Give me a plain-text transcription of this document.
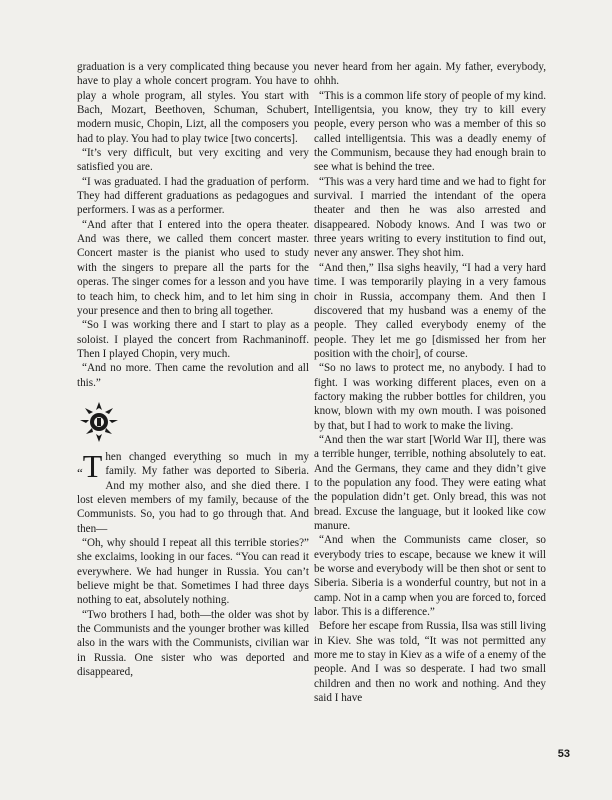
graduation is a very complicated thing because you have to play a whole concert program. You have to play a whole program, all styles. You start with Bach, Mozart, Beethoven, Schuman, Schubert, modern music, Chopin, Lizt, all the composers you had to play. You had to play twice [two concerts].

“It’s very difficult, but very exciting and very satisfied you are.

“I was graduated. I had the graduation of perform. They had different graduations as pedagogues and performers. I was as a performer.

“And after that I entered into the opera theater. And was there, we called them concert master. Concert master is the pianist who used to study with the singers to prepare all the parts for the operas. The singer comes for a lesson and you have to teach him, to check him, and to let him sing in your presence and then to bring all together.

“So I was working there and I start to play as a soloist. I played the concert from Rachmaninoff. Then I played Chopin, very much.

“And no more. Then came the revolution and all this.”

“T hen changed everything so much in my family. My father was deported to Siberia. And my mother also, and she died there. I lost eleven members of my family, because of the Communists. So, you had to go through that. And then—

“Oh, why should I repeat all this terrible stories?” she exclaims, looking in our faces. “You can read it everywhere. We had hunger in Russia. You can’t believe might be that. Sometimes I had three days nothing to eat, absolutely nothing.

“Two brothers I had, both—the older was shot by the Communists and the younger brother was killed also in the wars with the Communists, civilian war in Russia. One sister who was deported and disappeared,

never heard from her again. My father, everybody, ohhh.

“This is a common life story of people of my kind. Intelligentsia, you know, they try to kill every people, every person who was a member of this so called intelligentsia. This was a deadly enemy of the Communism, because they had enough brain to see what is behind the tree.

“This was a very hard time and we had to fight for survival. I married the intendant of the opera theater and then he was also arrested and disappeared. Nobody knows. And I was two or three years writing to every institution to find out, never any answer. They shot him.

“And then,” Ilsa sighs heavily, “I had a very hard time. I was temporarily playing in a very famous choir in Russia, accompany them. And then I discovered that my husband was a enemy of the people. They called everybody enemy of the people. They let me go [dismissed her from her position with the choir], of course.

“So no laws to protect me, no anybody. I had to fight. I was working different places, even on a factory making the rubber bottles for children, you know, blown with my own mouth. I was poisoned by that, but I had to work to make the living.

“And then the war start [World War II], there was a terrible hunger, terrible, nothing absolutely to eat. And the Germans, they came and they didn’t give to the population any food. They were eating what the population didn’t get. Only bread, this was not bread. Excuse the language, but it looked like cow manure.

“And when the Communists came closer, so everybody tries to escape, because we knew it will be worse and everybody will be then shot or sent to Siberia. Siberia is a wonderful country, but not in a camp. Not in a camp when you are forced to, forced labor. This is a difference.”

Before her escape from Russia, Ilsa was still living in Kiev. She was told, “It was not permitted any more me to stay in Kiev as a wife of a enemy of the people. And I was so desperate. I had two small children and then no work and nothing. And they said I have

53
